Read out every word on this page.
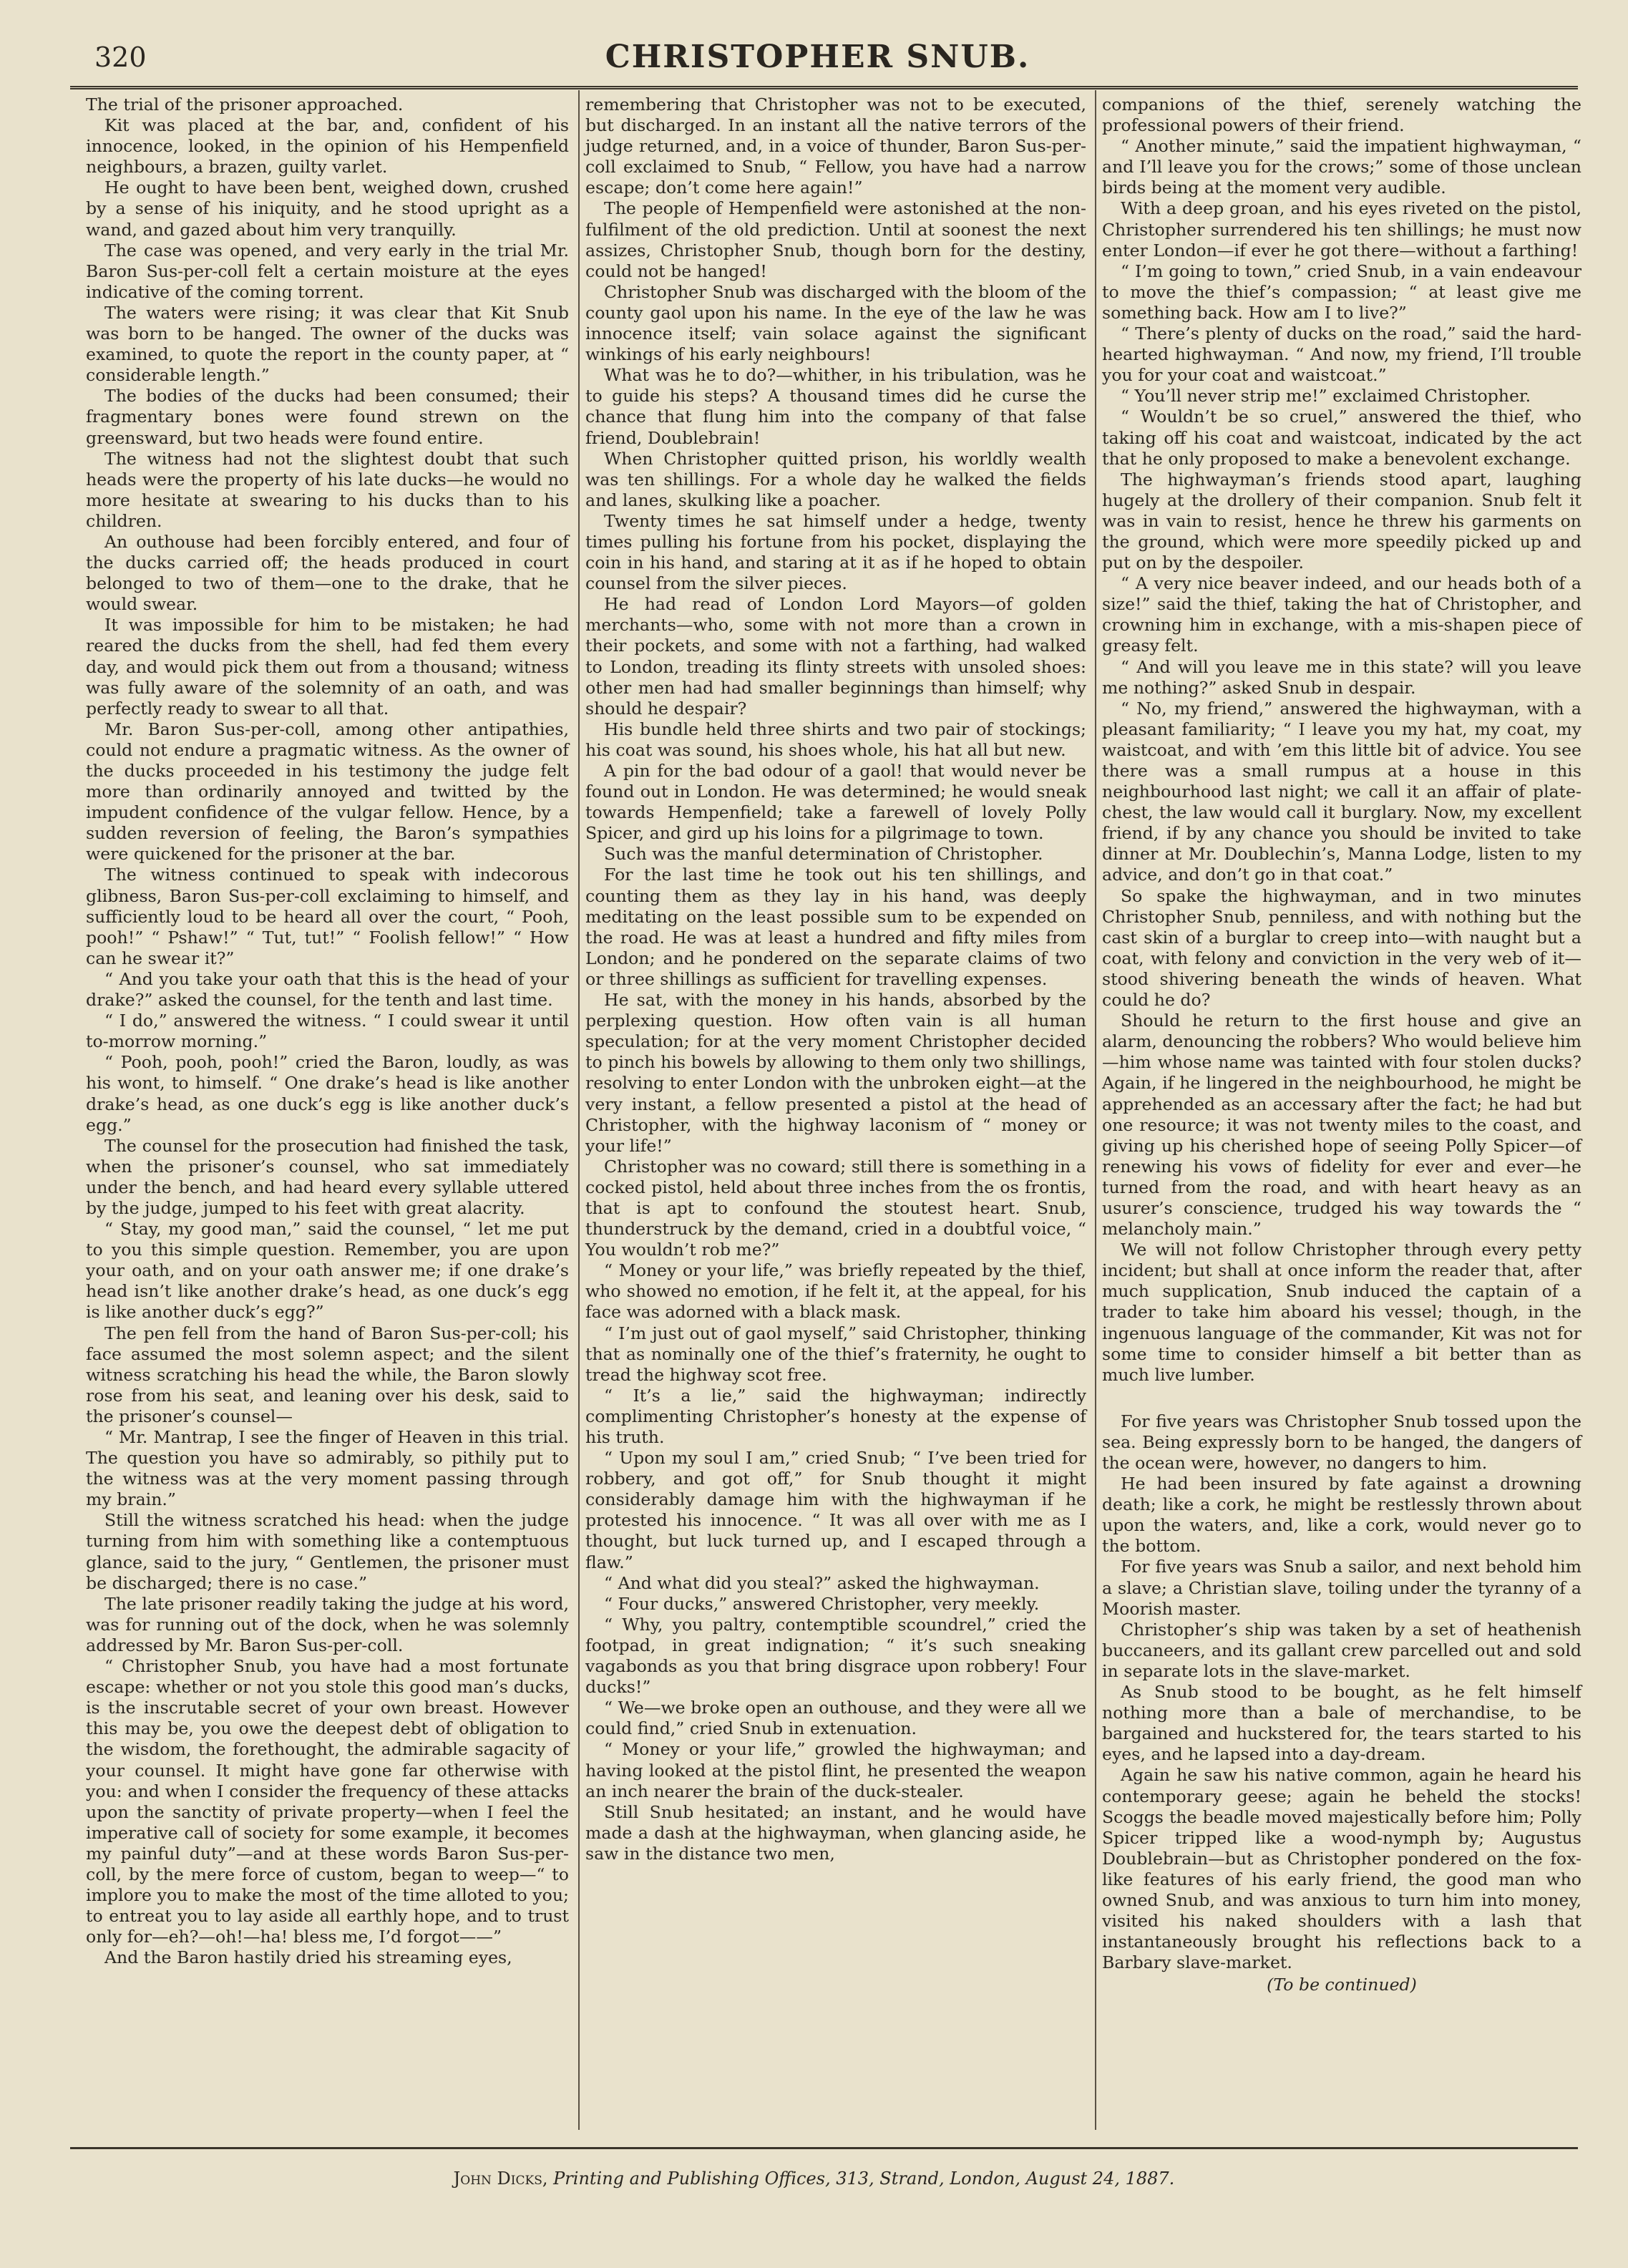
320	CHRISTOPHER SNUB.

The trial of the prisoner approached.

Kit was placed at the bar, and, confident of his innocence, looked, in the opinion of his Hempenfield neighbours, a brazen, guilty varlet.

He ought to have been bent, weighed down, crushed by a sense of his iniquity, and he stood upright as a wand, and gazed about him very tranquilly.

The case was opened, and very early in the trial Mr. Baron Sus-per-coll felt a certain moisture at the eyes indicative of the coming torrent.

The waters were rising; it was clear that Kit Snub was born to be hanged. The owner of the ducks was examined, to quote the report in the county paper, at “ considerable length.”

The bodies of the ducks had been consumed; their fragmentary bones were found strewn on the greensward, but two heads were found entire.

The witness had not the slightest doubt that such heads were the property of his late ducks—he would no more hesitate at swearing to his ducks than to his children.

An outhouse had been forcibly entered, and four of the ducks carried off; the heads produced in court belonged to two of them—one to the drake, that he would swear.

It was impossible for him to be mistaken; he had reared the ducks from the shell, had fed them every day, and would pick them out from a thousand; witness was fully aware of the solemnity of an oath, and was perfectly ready to swear to all that.

Mr. Baron Sus-per-coll, among other antipathies, could not endure a pragmatic witness. As the owner of the ducks proceeded in his testimony the judge felt more than ordinarily annoyed and twitted by the impudent confidence of the vulgar fellow. Hence, by a sudden reversion of feeling, the Baron’s sympathies were quickened for the prisoner at the bar.

The witness continued to speak with indecorous glibness, Baron Sus-per-coll exclaiming to himself, and sufficiently loud to be heard all over the court, “ Pooh, pooh!” “ Pshaw!” “ Tut, tut!” “ Foolish fellow!” “ How can he swear it?”

“ And you take your oath that this is the head of your drake?” asked the counsel, for the tenth and last time.

“ I do,” answered the witness. “ I could swear it until to-morrow morning.”

“ Pooh, pooh, pooh!” cried the Baron, loudly, as was his wont, to himself. “ One drake’s head is like another drake’s head, as one duck’s egg is like another duck’s egg.”

The counsel for the prosecution had finished the task, when the prisoner’s counsel, who sat immediately under the bench, and had heard every syllable uttered by the judge, jumped to his feet with great alacrity.

“ Stay, my good man,” said the counsel, “ let me put to you this simple question. Remember, you are upon your oath, and on your oath answer me; if one drake’s head isn’t like another drake’s head, as one duck’s egg is like another duck’s egg?”

The pen fell from the hand of Baron Sus-per-coll; his face assumed the most solemn aspect; and the silent witness scratching his head the while, the Baron slowly rose from his seat, and leaning over his desk, said to the prisoner’s counsel—

“ Mr. Mantrap, I see the finger of Heaven in this trial. The question you have so admirably, so pithily put to the witness was at the very moment passing through my brain.”

Still the witness scratched his head: when the judge turning from him with something like a contemptuous glance, said to the jury, “ Gentlemen, the prisoner must be discharged; there is no case.”

The late prisoner readily taking the judge at his word, was for running out of the dock, when he was solemnly addressed by Mr. Baron Sus-per-coll.

“ Christopher Snub, you have had a most fortunate escape: whether or not you stole this good man’s ducks, is the inscrutable secret of your own breast. However this may be, you owe the deepest debt of obligation to the wisdom, the forethought, the admirable sagacity of your counsel. It might have gone far otherwise with you: and when I consider the frequency of these attacks upon the sanctity of private property—when I feel the imperative call of society for some example, it becomes my painful duty”—and at these words Baron Sus-per-coll, by the mere force of custom, began to weep—“ to implore you to make the most of the time alloted to you; to entreat you to lay aside all earthly hope, and to trust only for—eh?—oh!—ha! bless me, I’d forgot——”

And the Baron hastily dried his streaming eyes,

remembering that Christopher was not to be executed, but discharged. In an instant all the native terrors of the judge returned, and, in a voice of thunder, Baron Sus-per-coll exclaimed to Snub, “ Fellow, you have had a narrow escape; don’t come here again!”

The people of Hempenfield were astonished at the non-fulfilment of the old prediction. Until at soonest the next assizes, Christopher Snub, though born for the destiny, could not be hanged!

Christopher Snub was discharged with the bloom of the county gaol upon his name. In the eye of the law he was innocence itself; vain solace against the significant winkings of his early neighbours!

What was he to do?—whither, in his tribulation, was he to guide his steps? A thousand times did he curse the chance that flung him into the company of that false friend, Doublebrain!

When Christopher quitted prison, his worldly wealth was ten shillings. For a whole day he walked the fields and lanes, skulking like a poacher.

Twenty times he sat himself under a hedge, twenty times pulling his fortune from his pocket, displaying the coin in his hand, and staring at it as if he hoped to obtain counsel from the silver pieces.

He had read of London Lord Mayors—of golden merchants—who, some with not more than a crown in their pockets, and some with not a farthing, had walked to London, treading its flinty streets with unsoled shoes: other men had had smaller beginnings than himself; why should he despair?

His bundle held three shirts and two pair of stockings; his coat was sound, his shoes whole, his hat all but new.

A pin for the bad odour of a gaol! that would never be found out in London. He was determined; he would sneak towards Hempenfield; take a farewell of lovely Polly Spicer, and gird up his loins for a pilgrimage to town.

Such was the manful determination of Christopher.

For the last time he took out his ten shillings, and counting them as they lay in his hand, was deeply meditating on the least possible sum to be expended on the road. He was at least a hundred and fifty miles from London; and he pondered on the separate claims of two or three shillings as sufficient for travelling expenses.

He sat, with the money in his hands, absorbed by the perplexing question. How often vain is all human speculation; for at the very moment Christopher decided to pinch his bowels by allowing to them only two shillings, resolving to enter London with the unbroken eight—at the very instant, a fellow presented a pistol at the head of Christopher, with the highway laconism of “ money or your life!”

Christopher was no coward; still there is something in a cocked pistol, held about three inches from the os frontis, that is apt to confound the stoutest heart. Snub, thunderstruck by the demand, cried in a doubtful voice, “ You wouldn’t rob me?”

“ Money or your life,” was briefly repeated by the thief, who showed no emotion, if he felt it, at the appeal, for his face was adorned with a black mask.

“ I’m just out of gaol myself,” said Christopher, thinking that as nominally one of the thief’s fraternity, he ought to tread the highway scot free.

“ It’s a lie,” said the highwayman; indirectly complimenting Christopher’s honesty at the expense of his truth.

“ Upon my soul I am,” cried Snub; “ I’ve been tried for robbery, and got off,” for Snub thought it might considerably damage him with the highwayman if he protested his innocence. “ It was all over with me as I thought, but luck turned up, and I escaped through a flaw.”

“ And what did you steal?” asked the highwayman.

“ Four ducks,” answered Christopher, very meekly.

“ Why, you paltry, contemptible scoundrel,” cried the footpad, in great indignation; “ it’s such sneaking vagabonds as you that bring disgrace upon robbery! Four ducks!”

“ We—we broke open an outhouse, and they were all we could find,” cried Snub in extenuation.

“ Money or your life,” growled the highwayman; and having looked at the pistol flint, he presented the weapon an inch nearer the brain of the duck-stealer.

Still Snub hesitated; an instant, and he would have made a dash at the highwayman, when glancing aside, he saw in the distance two men,

companions of the thief, serenely watching the professional powers of their friend.

“ Another minute,” said the impatient highwayman, “ and I’ll leave you for the crows;” some of those unclean birds being at the moment very audible.

With a deep groan, and his eyes riveted on the pistol, Christopher surrendered his ten shillings; he must now enter London—if ever he got there—without a farthing!

“ I’m going to town,” cried Snub, in a vain endeavour to move the thief’s compassion; “ at least give me something back. How am I to live?”

“ There’s plenty of ducks on the road,” said the hard-hearted highwayman. “ And now, my friend, I’ll trouble you for your coat and waistcoat.”

“ You’ll never strip me!” exclaimed Christopher.

“ Wouldn’t be so cruel,” answered the thief, who taking off his coat and waistcoat, indicated by the act that he only proposed to make a benevolent exchange.

The highwayman’s friends stood apart, laughing hugely at the drollery of their companion. Snub felt it was in vain to resist, hence he threw his garments on the ground, which were more speedily picked up and put on by the despoiler.

“ A very nice beaver indeed, and our heads both of a size!” said the thief, taking the hat of Christopher, and crowning him in exchange, with a mis-shapen piece of greasy felt.

“ And will you leave me in this state? will you leave me nothing?” asked Snub in despair.

“ No, my friend,” answered the highwayman, with a pleasant familiarity; “ I leave you my hat, my coat, my waistcoat, and with ’em this little bit of advice. You see there was a small rumpus at a house in this neighbourhood last night; we call it an affair of plate-chest, the law would call it burglary. Now, my excellent friend, if by any chance you should be invited to take dinner at Mr. Doublechin’s, Manna Lodge, listen to my advice, and don’t go in that coat.”

So spake the highwayman, and in two minutes Christopher Snub, penniless, and with nothing but the cast skin of a burglar to creep into—with naught but a coat, with felony and conviction in the very web of it—stood shivering beneath the winds of heaven. What could he do?

Should he return to the first house and give an alarm, denouncing the robbers? Who would believe him—him whose name was tainted with four stolen ducks? Again, if he lingered in the neighbourhood, he might be apprehended as an accessary after the fact; he had but one resource; it was not twenty miles to the coast, and giving up his cherished hope of seeing Polly Spicer—of renewing his vows of fidelity for ever and ever—he turned from the road, and with heart heavy as an usurer’s conscience, trudged his way towards the “ melancholy main.”

We will not follow Christopher through every petty incident; but shall at once inform the reader that, after much supplication, Snub induced the captain of a trader to take him aboard his vessel; though, in the ingenuous language of the commander, Kit was not for some time to consider himself a bit better than as much live lumber.

For five years was Christopher Snub tossed upon the sea. Being expressly born to be hanged, the dangers of the ocean were, however, no dangers to him.

He had been insured by fate against a drowning death; like a cork, he might be restlessly thrown about upon the waters, and, like a cork, would never go to the bottom.

For five years was Snub a sailor, and next behold him a slave; a Christian slave, toiling under the tyranny of a Moorish master.

Christopher’s ship was taken by a set of heathenish buccaneers, and its gallant crew parcelled out and sold in separate lots in the slave-market.

As Snub stood to be bought, as he felt himself nothing more than a bale of merchandise, to be bargained and huckstered for, the tears started to his eyes, and he lapsed into a day-dream.

Again he saw his native common, again he heard his contemporary geese; again he beheld the stocks! Scoggs the beadle moved majestically before him; Polly Spicer tripped like a wood-nymph by; Augustus Doublebrain—but as Christopher pondered on the fox-like features of his early friend, the good man who owned Snub, and was anxious to turn him into money, visited his naked shoulders with a lash that instantaneously brought his reflections back to a Barbary slave-market.

(To be continued)
John Dicks, Printing and Publishing Offices, 313, Strand, London, August 24, 1887.
